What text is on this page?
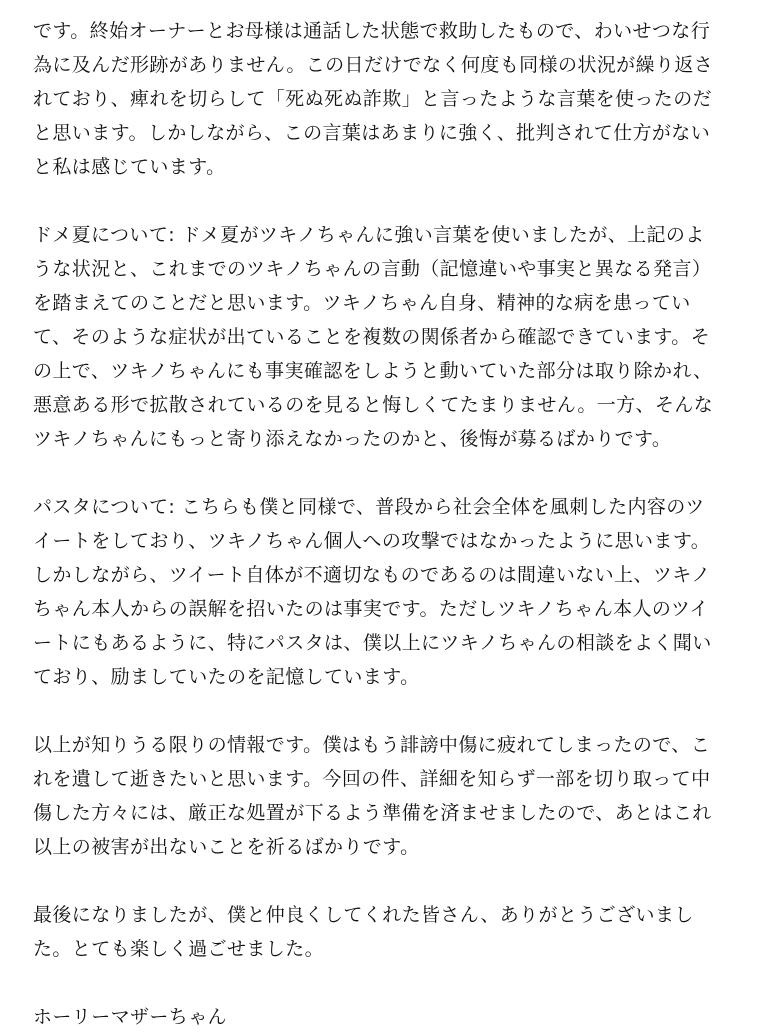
です。終始オーナーとお母様は通話した状態で救助したもので、わいせつな行
為に及んだ形跡がありません。この日だけでなく何度も同様の状況が繰り返さ
れており、痺れを切らして「死ぬ死ぬ詐欺」と言ったような言葉を使ったのだ
と思います。しかしながら、この言葉はあまりに強く、批判されて仕方がない
と私は感じています。
ドメ夏について: ドメ夏がツキノちゃんに強い言葉を使いましたが、上記のよ
うな状況と、これまでのツキノちゃんの言動（記憶違いや事実と異なる発言）
を踏まえてのことだと思います。ツキノちゃん自身、精神的な病を患ってい
て、そのような症状が出ていることを複数の関係者から確認できています。そ
の上で、ツキノちゃんにも事実確認をしようと動いていた部分は取り除かれ、
悪意ある形で拡散されているのを見ると悔しくてたまりません。一方、そんな
ツキノちゃんにもっと寄り添えなかったのかと、後悔が募るばかりです。
パスタについて: こちらも僕と同様で、普段から社会全体を風刺した内容のツ
イートをしており、ツキノちゃん個人への攻撃ではなかったように思います。
しかしながら、ツイート自体が不適切なものであるのは間違いない上、ツキノ
ちゃん本人からの誤解を招いたのは事実です。ただしツキノちゃん本人のツイ
ートにもあるように、特にパスタは、僕以上にツキノちゃんの相談をよく聞い
ており、励ましていたのを記憶しています。
以上が知りうる限りの情報です。僕はもう誹謗中傷に疲れてしまったので、こ
れを遺して逝きたいと思います。今回の件、詳細を知らず一部を切り取って中
傷した方々には、厳正な処置が下るよう準備を済ませましたので、あとはこれ
以上の被害が出ないことを祈るばかりです。
最後になりましたが、僕と仲良くしてくれた皆さん、ありがとうございまし
た。とても楽しく過ごせました。
ホーリーマザーちゃん
